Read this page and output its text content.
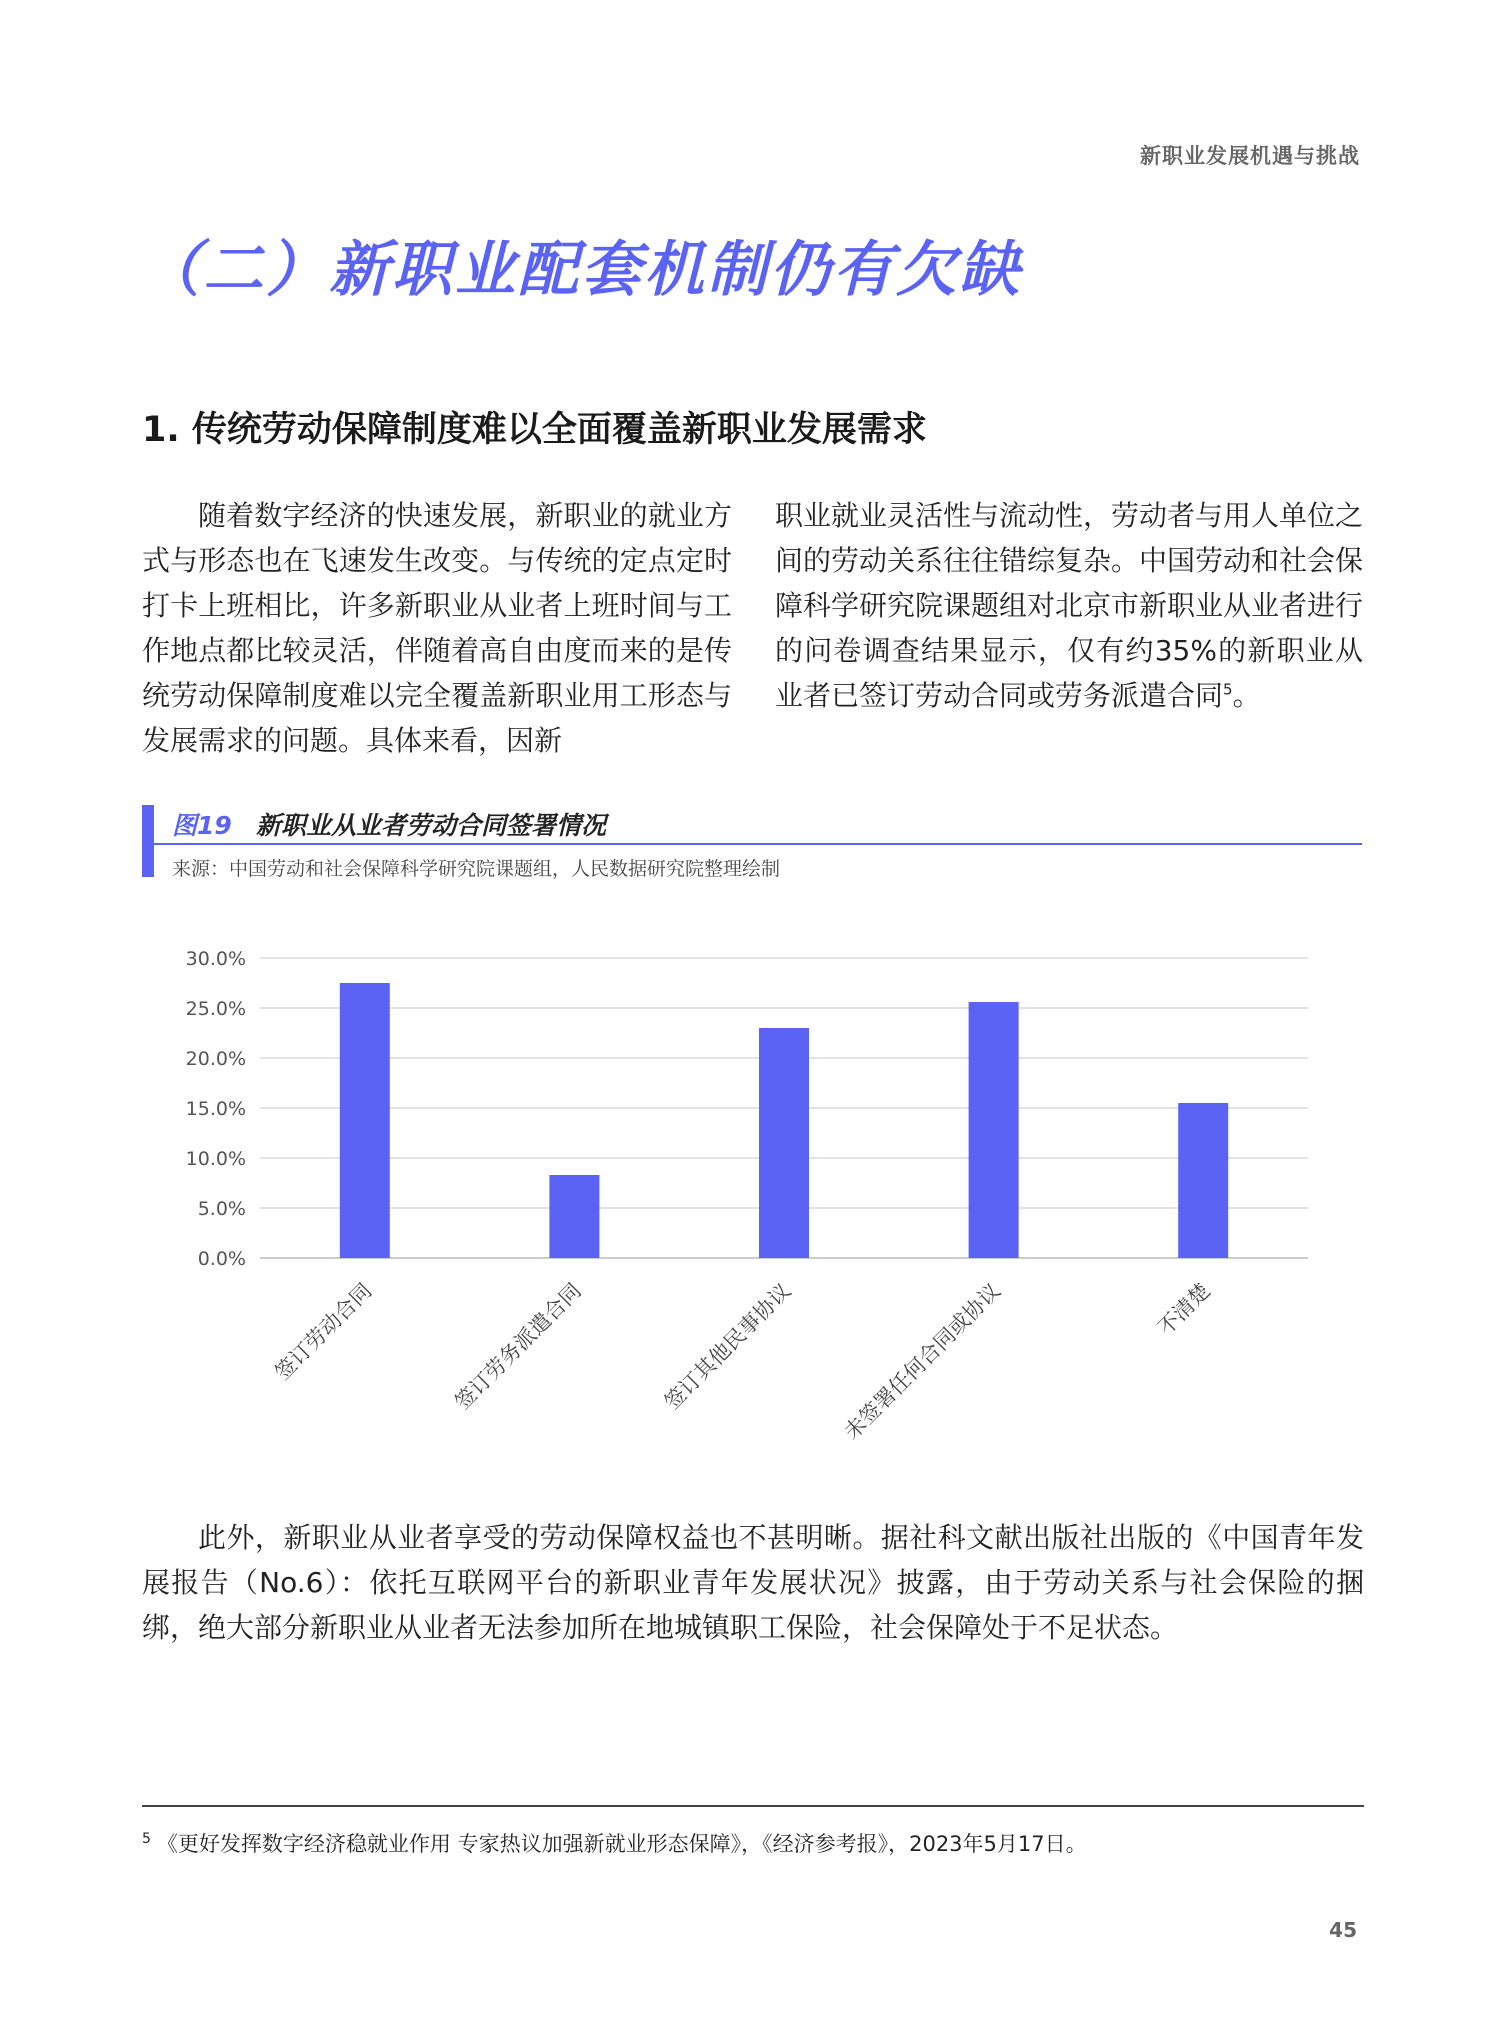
新职业发展机遇与挑战
（二）新职业配套机制仍有欠缺
1. 传统劳动保障制度难以全面覆盖新职业发展需求

随着数字经济的快速发展，新职业的就业方式与形态也在飞速发生改变。与传统的定点定时打卡上班相比，许多新职业从业者上班时间与工作地点都比较灵活，伴随着高自由度而来的是传统劳动保障制度难以完全覆盖新职业用工形态与发展需求的问题。具体来看，因新

职业就业灵活性与流动性，劳动者与用人单位之间的劳动关系往往错综复杂。中国劳动和社会保障科学研究院课题组对北京市新职业从业者进行的问卷调查结果显示，仅有约35%的新职业从业者已签订劳动合同或劳务派遣合同$^5$。

图19 新职业从业者劳动合同签署情况
来源：中国劳动和社会保障科学研究院课题组，人民数据研究院整理绘制
0.0%
5.0%
10.0%
15.0%
20.0%
25.0%
30.0%
签订劳动合同	签订劳务派遣合同	签订其他民事协议 未签署任何合同或协议	不清楚

此外，新职业从业者享受的劳动保障权益也不甚明晰。据社科文献出版社出版的《中国青年发展报告（No.6）：依托互联网平台的新职业青年发展状况》披露，由于劳动关系与社会保险的捆绑，绝大部分新职业从业者无法参加所在地城镇职工保险，社会保障处于不足状态。

$^5$ 《更好发挥数字经济稳就业作用 专家热议加强新就业形态保障》，《经济参考报》，2023年5月17日。
45
